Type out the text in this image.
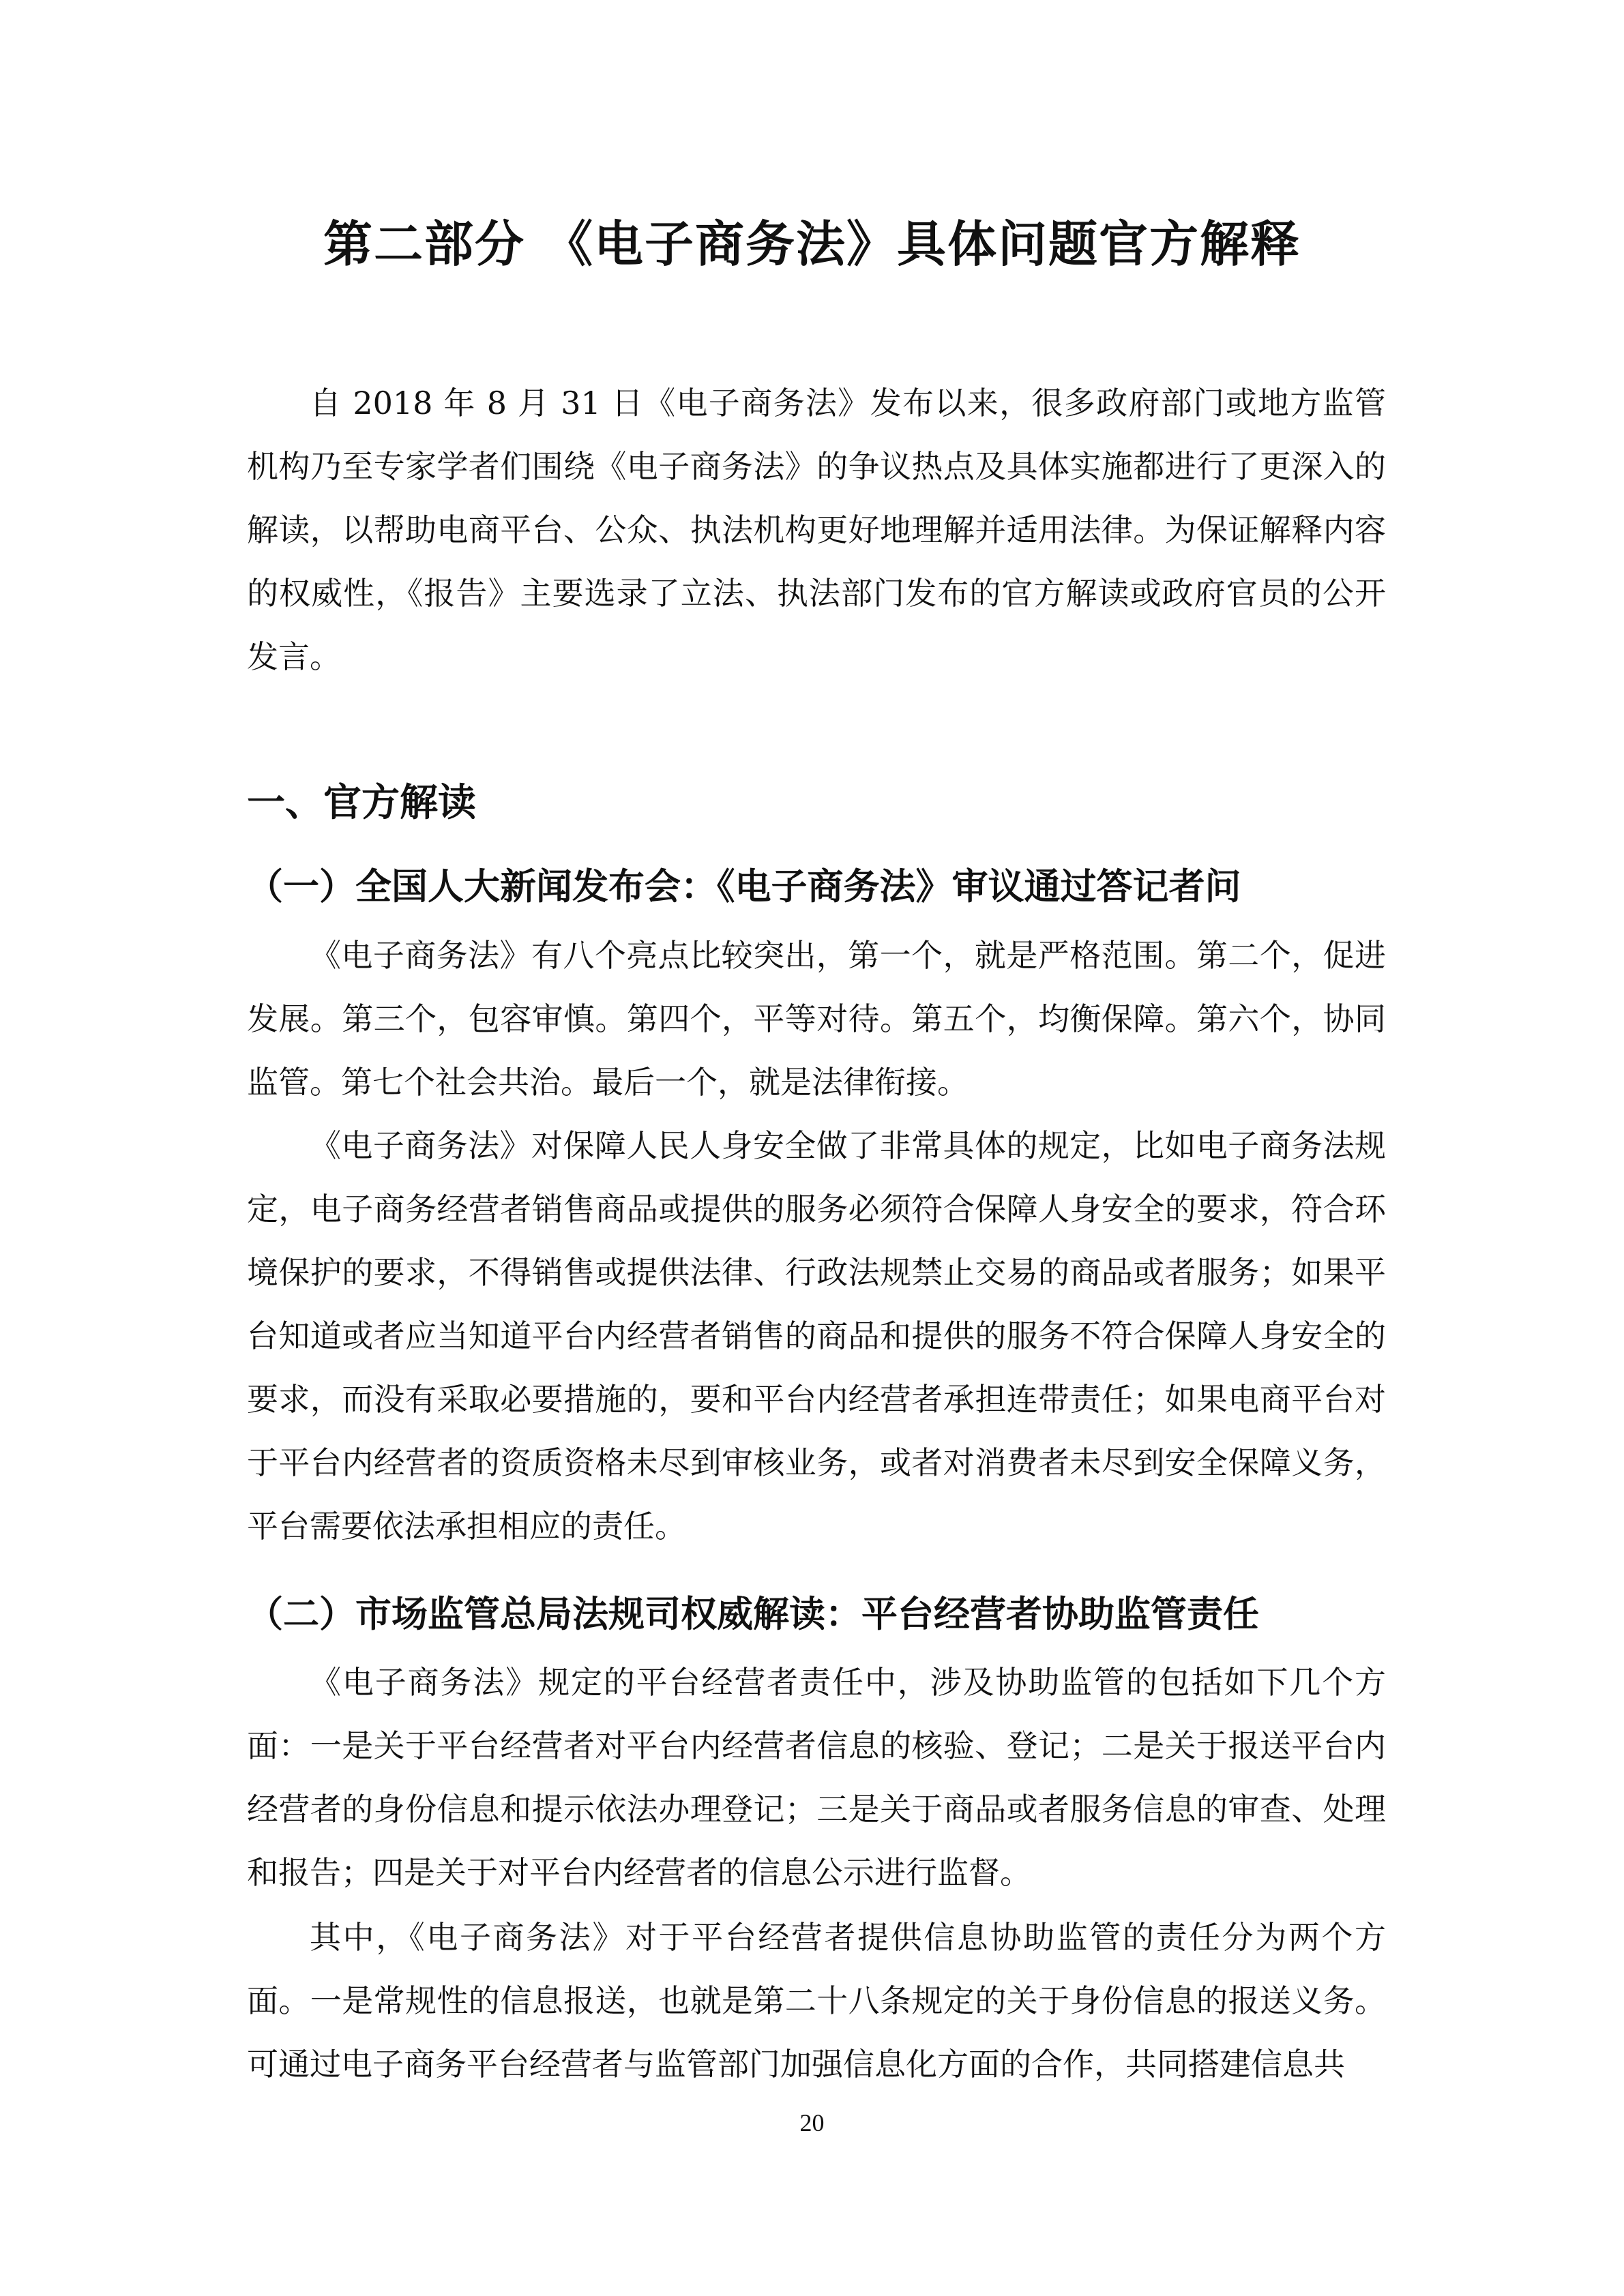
第二部分 《电子商务法》具体问题官方解释

自 2018 年 8 月 31 日《电子商务法》发布以来，很多政府部门或地方监管机构乃至专家学者们围绕《电子商务法》的争议热点及具体实施都进行了更深入的解读，以帮助电商平台、公众、执法机构更好地理解并适用法律。为保证解释内容的权威性，《报告》主要选录了立法、执法部门发布的官方解读或政府官员的公开发言。

一、官方解读
（一）全国人大新闻发布会：《电子商务法》审议通过答记者问

《电子商务法》有八个亮点比较突出，第一个，就是严格范围。第二个，促进发展。第三个，包容审慎。第四个，平等对待。第五个，均衡保障。第六个，协同监管。第七个社会共治。最后一个，就是法律衔接。

《电子商务法》对保障人民人身安全做了非常具体的规定，比如电子商务法规定，电子商务经营者销售商品或提供的服务必须符合保障人身安全的要求，符合环境保护的要求，不得销售或提供法律、行政法规禁止交易的商品或者服务；如果平台知道或者应当知道平台内经营者销售的商品和提供的服务不符合保障人身安全的要求，而没有采取必要措施的，要和平台内经营者承担连带责任；如果电商平台对于平台内经营者的资质资格未尽到审核业务，或者对消费者未尽到安全保障义务，平台需要依法承担相应的责任。

（二）市场监管总局法规司权威解读：平台经营者协助监管责任

《电子商务法》规定的平台经营者责任中，涉及协助监管的包括如下几个方面：一是关于平台经营者对平台内经营者信息的核验、登记；二是关于报送平台内经营者的身份信息和提示依法办理登记；三是关于商品或者服务信息的审查、处理和报告；四是关于对平台内经营者的信息公示进行监督。

其中，《电子商务法》对于平台经营者提供信息协助监管的责任分为两个方面。一是常规性的信息报送，也就是第二十八条规定的关于身份信息的报送义务。可通过电子商务平台经营者与监管部门加强信息化方面的合作，共同搭建信息共

20
